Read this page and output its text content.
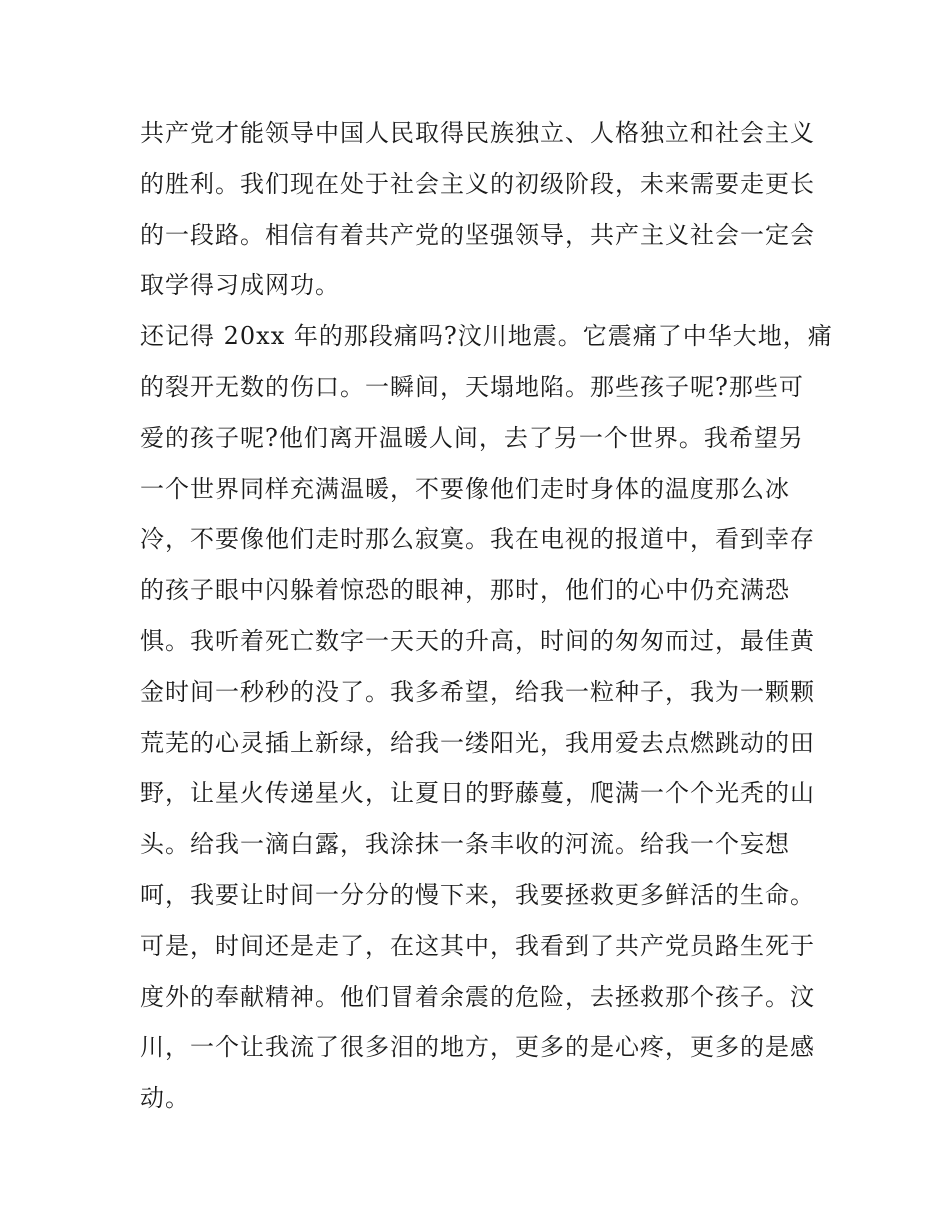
共产党才能领导中国人民取得民族独立、人格独立和社会主义
的胜利。我们现在处于社会主义的初级阶段，未来需要走更长
的一段路。相信有着共产党的坚强领导，共产主义社会一定会
取学得习成网功。
还记得 20xx 年的那段痛吗?汶川地震。它震痛了中华大地，痛
的裂开无数的伤口。一瞬间，天塌地陷。那些孩子呢?那些可
爱的孩子呢?他们离开温暖人间，去了另一个世界。我希望另
一个世界同样充满温暖，不要像他们走时身体的温度那么冰
冷，不要像他们走时那么寂寞。我在电视的报道中，看到幸存
的孩子眼中闪躲着惊恐的眼神，那时，他们的心中仍充满恐
惧。我听着死亡数字一天天的升高，时间的匆匆而过，最佳黄
金时间一秒秒的没了。我多希望，给我一粒种子，我为一颗颗
荒芜的心灵插上新绿，给我一缕阳光，我用爱去点燃跳动的田
野，让星火传递星火，让夏日的野藤蔓，爬满一个个光秃的山
头。给我一滴白露，我涂抹一条丰收的河流。给我一个妄想
呵，我要让时间一分分的慢下来，我要拯救更多鲜活的生命。
可是，时间还是走了，在这其中，我看到了共产党员路生死于
度外的奉献精神。他们冒着余震的危险，去拯救那个孩子。汶
川，一个让我流了很多泪的地方，更多的是心疼，更多的是感
动。
